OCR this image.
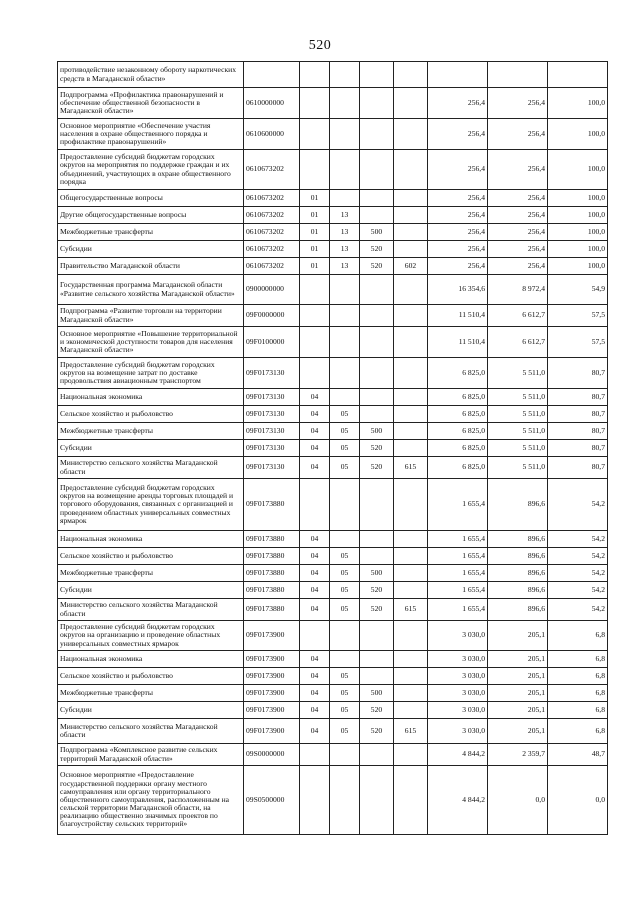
520
противодействие незаконному обороту наркотических средств в Магаданской области»								
Подпрограмма «Профилактика правонарушений и обеспечение общественной безопасности в Магаданской области»	0610000000					256,4	256,4	100,0
Основное мероприятие «Обеспечение участия населения в охране общественного порядка и профилактике правонарушений»	0610600000					256,4	256,4	100,0
Предоставление субсидий бюджетам городских округов на мероприятия по поддержке граждан и их объединений, участвующих в охране общественного порядка	0610673202					256,4	256,4	100,0
Общегосударственные вопросы	0610673202	01				256,4	256,4	100,0
Другие общегосударственные вопросы	0610673202	01	13			256,4	256,4	100,0
Межбюджетные трансферты	0610673202	01	13	500		256,4	256,4	100,0
Субсидии	0610673202	01	13	520		256,4	256,4	100,0
Правительство Магаданской области	0610673202	01	13	520	602	256,4	256,4	100,0
Государственная программа Магаданской области «Развитие сельского хозяйства Магаданской области»	0900000000					16 354,6	8 972,4	54,9
Подпрограмма «Развитие торговли на территории Магаданской области»	09F0000000					11 510,4	6 612,7	57,5
Основное мероприятие «Повышение территориальной и экономической доступности товаров для населения Магаданской области»	09F0100000					11 510,4	6 612,7	57,5
Предоставление субсидий бюджетам городских округов на возмещение затрат по доставке продовольствия авиационным транспортом	09F0173130					6 825,0	5 511,0	80,7
Национальная экономика	09F0173130	04				6 825,0	5 511,0	80,7
Сельское хозяйство и рыболовство	09F0173130	04	05			6 825,0	5 511,0	80,7
Межбюджетные трансферты	09F0173130	04	05	500		6 825,0	5 511,0	80,7
Субсидии	09F0173130	04	05	520		6 825,0	5 511,0	80,7
Министерство сельского хозяйства Магаданской области	09F0173130	04	05	520	615	6 825,0	5 511,0	80,7
Предоставление субсидий бюджетам городских округов на возмещение аренды торговых площадей и торгового оборудования, связанных с организацией и проведением областных универсальных совместных ярмарок	09F0173880					1 655,4	896,6	54,2
Национальная экономика	09F0173880	04				1 655,4	896,6	54,2
Сельское хозяйство и рыболовство	09F0173880	04	05			1 655,4	896,6	54,2
Межбюджетные трансферты	09F0173880	04	05	500		1 655,4	896,6	54,2
Субсидии	09F0173880	04	05	520		1 655,4	896,6	54,2
Министерство сельского хозяйства Магаданской области	09F0173880	04	05	520	615	1 655,4	896,6	54,2
Предоставление субсидий бюджетам городских округов на организацию и проведение областных универсальных совместных ярмарок	09F0173900					3 030,0	205,1	6,8
Национальная экономика	09F0173900	04				3 030,0	205,1	6,8
Сельское хозяйство и рыболовство	09F0173900	04	05			3 030,0	205,1	6,8
Межбюджетные трансферты	09F0173900	04	05	500		3 030,0	205,1	6,8
Субсидии	09F0173900	04	05	520		3 030,0	205,1	6,8
Министерство сельского хозяйства Магаданской области	09F0173900	04	05	520	615	3 030,0	205,1	6,8
Подпрограмма «Комплексное развитие сельских территорий Магаданской области»	09S0000000					4 844,2	2 359,7	48,7
Основное мероприятие «Предоставление государственной поддержки органу местного самоуправления или органу территориального общественного самоуправления, расположенным на сельской территории Магаданской области, на реализацию общественно значимых проектов по благоустройству сельских территорий»	09S0500000					4 844,2	0,0	0,0
